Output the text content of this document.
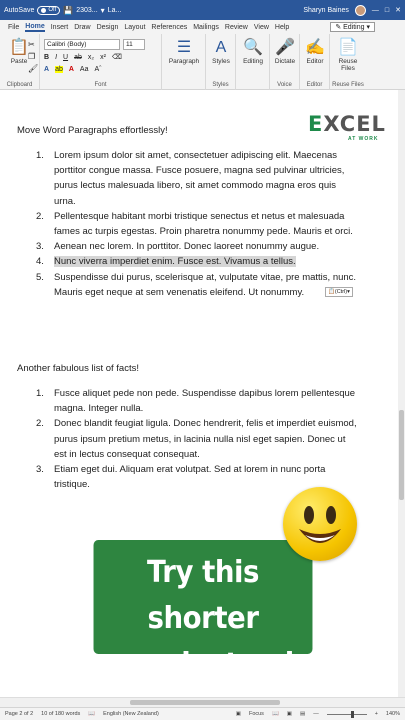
AutoSave Off 💾 2303... ▾ La...	Sharyn Baines	— □ ✕
File Home Insert Draw Design Layout References Mailings Review View Help	✎ Editing ▾
📋
Paste
✂
❐
🖌
Clipboard
Calibri (Body)	11
B I U ab x₂ x² ⌫
A ab A Aa Aˆ
Font
☰
Paragraph
A
Styles
Styles
🔍
Editing
🎤
Dictate
Voice
✍
Editor
Editor
📄
Reuse Files
Reuse Files
EXCEL
AT WORK
Move Word Paragraphs effortlessly!
1. Lorem ipsum dolor sit amet, consectetuer adipiscing elit. Maecenas porttitor congue massa. Fusce posuere, magna sed pulvinar ultricies, purus lectus malesuada libero, sit amet commodo magna eros quis urna.
2. Pellentesque habitant morbi tristique senectus et netus et malesuada fames ac turpis egestas. Proin pharetra nonummy pede. Mauris et orci.
3. Aenean nec lorem. In porttitor. Donec laoreet nonummy augue.
4. Nunc viverra imperdiet enim. Fusce est. Vivamus a tellus.
5. Suspendisse dui purus, scelerisque at, vulputate vitae, pre mattis, nunc. Mauris eget neque at sem venenatis eleifend. Ut nonummy.	📋(Ctrl)▾
Another fabulous list of facts!
1. Fusce aliquet pede non pede. Suspendisse dapibus lorem pellentesque magna. Integer nulla.
2. Donec blandit feugiat ligula. Donec hendrerit, felis et imperdiet euismod, purus ipsum pretium metus, in lacinia nulla nisl eget sapien. Donec ut est in lectus consequat consequat.
3. Etiam eget dui. Aliquam erat volutpat. Sed at lorem in nunc porta tristique.
Try this shorter
way instead
Page 2 of 2 10 of 180 words 📖 English (New Zealand)	▣ Focus 📖 ▣ ▤ —	+ 140%
